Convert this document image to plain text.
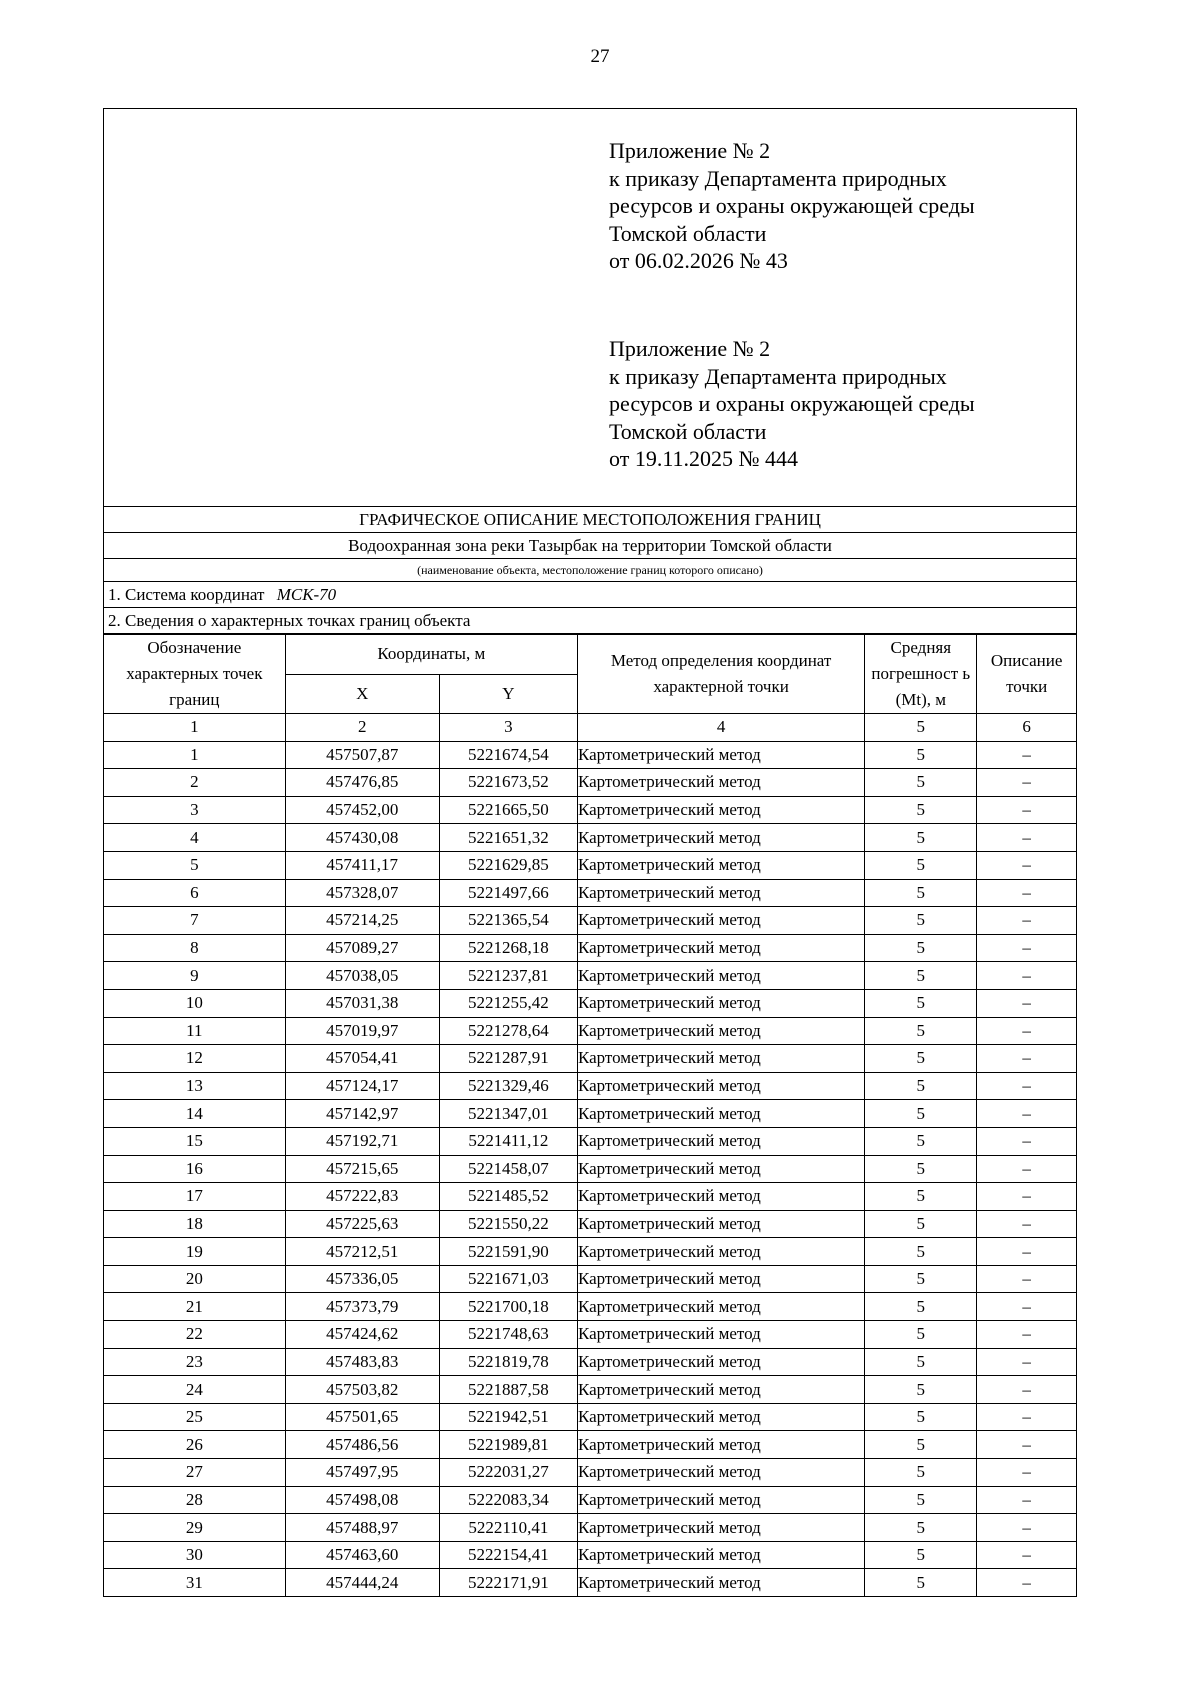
27

Приложение № 2

к приказу Департамента природных

ресурсов и охраны окружающей среды

Томской области

от 06.02.2026 № 43

Приложение № 2

к приказу Департамента природных

ресурсов и охраны окружающей среды

Томской области

от 19.11.2025 № 444

ГРАФИЧЕСКОЕ ОПИСАНИЕ МЕСТОПОЛОЖЕНИЯ ГРАНИЦ
Водоохранная зона реки Тазырбак на территории Томской области
(наименование объекта, местоположение границ которого описано)
1. Система координат МСК-70
2. Сведения о характерных точках границ объекта
Обозначение характерных точек границ	Координаты, м		Метод определения координат характерной точки	Средняя погрешност ь (Mt), м	Описание точки
	X	Y			
1	2	3	4	5	6
1	457507,87	5221674,54	Картометрический метод	5	–
2	457476,85	5221673,52	Картометрический метод	5	–
3	457452,00	5221665,50	Картометрический метод	5	–
4	457430,08	5221651,32	Картометрический метод	5	–
5	457411,17	5221629,85	Картометрический метод	5	–
6	457328,07	5221497,66	Картометрический метод	5	–
7	457214,25	5221365,54	Картометрический метод	5	–
8	457089,27	5221268,18	Картометрический метод	5	–
9	457038,05	5221237,81	Картометрический метод	5	–
10	457031,38	5221255,42	Картометрический метод	5	–
11	457019,97	5221278,64	Картометрический метод	5	–
12	457054,41	5221287,91	Картометрический метод	5	–
13	457124,17	5221329,46	Картометрический метод	5	–
14	457142,97	5221347,01	Картометрический метод	5	–
15	457192,71	5221411,12	Картометрический метод	5	–
16	457215,65	5221458,07	Картометрический метод	5	–
17	457222,83	5221485,52	Картометрический метод	5	–
18	457225,63	5221550,22	Картометрический метод	5	–
19	457212,51	5221591,90	Картометрический метод	5	–
20	457336,05	5221671,03	Картометрический метод	5	–
21	457373,79	5221700,18	Картометрический метод	5	–
22	457424,62	5221748,63	Картометрический метод	5	–
23	457483,83	5221819,78	Картометрический метод	5	–
24	457503,82	5221887,58	Картометрический метод	5	–
25	457501,65	5221942,51	Картометрический метод	5	–
26	457486,56	5221989,81	Картометрический метод	5	–
27	457497,95	5222031,27	Картометрический метод	5	–
28	457498,08	5222083,34	Картометрический метод	5	–
29	457488,97	5222110,41	Картометрический метод	5	–
30	457463,60	5222154,41	Картометрический метод	5	–
31	457444,24	5222171,91	Картометрический метод	5	–
